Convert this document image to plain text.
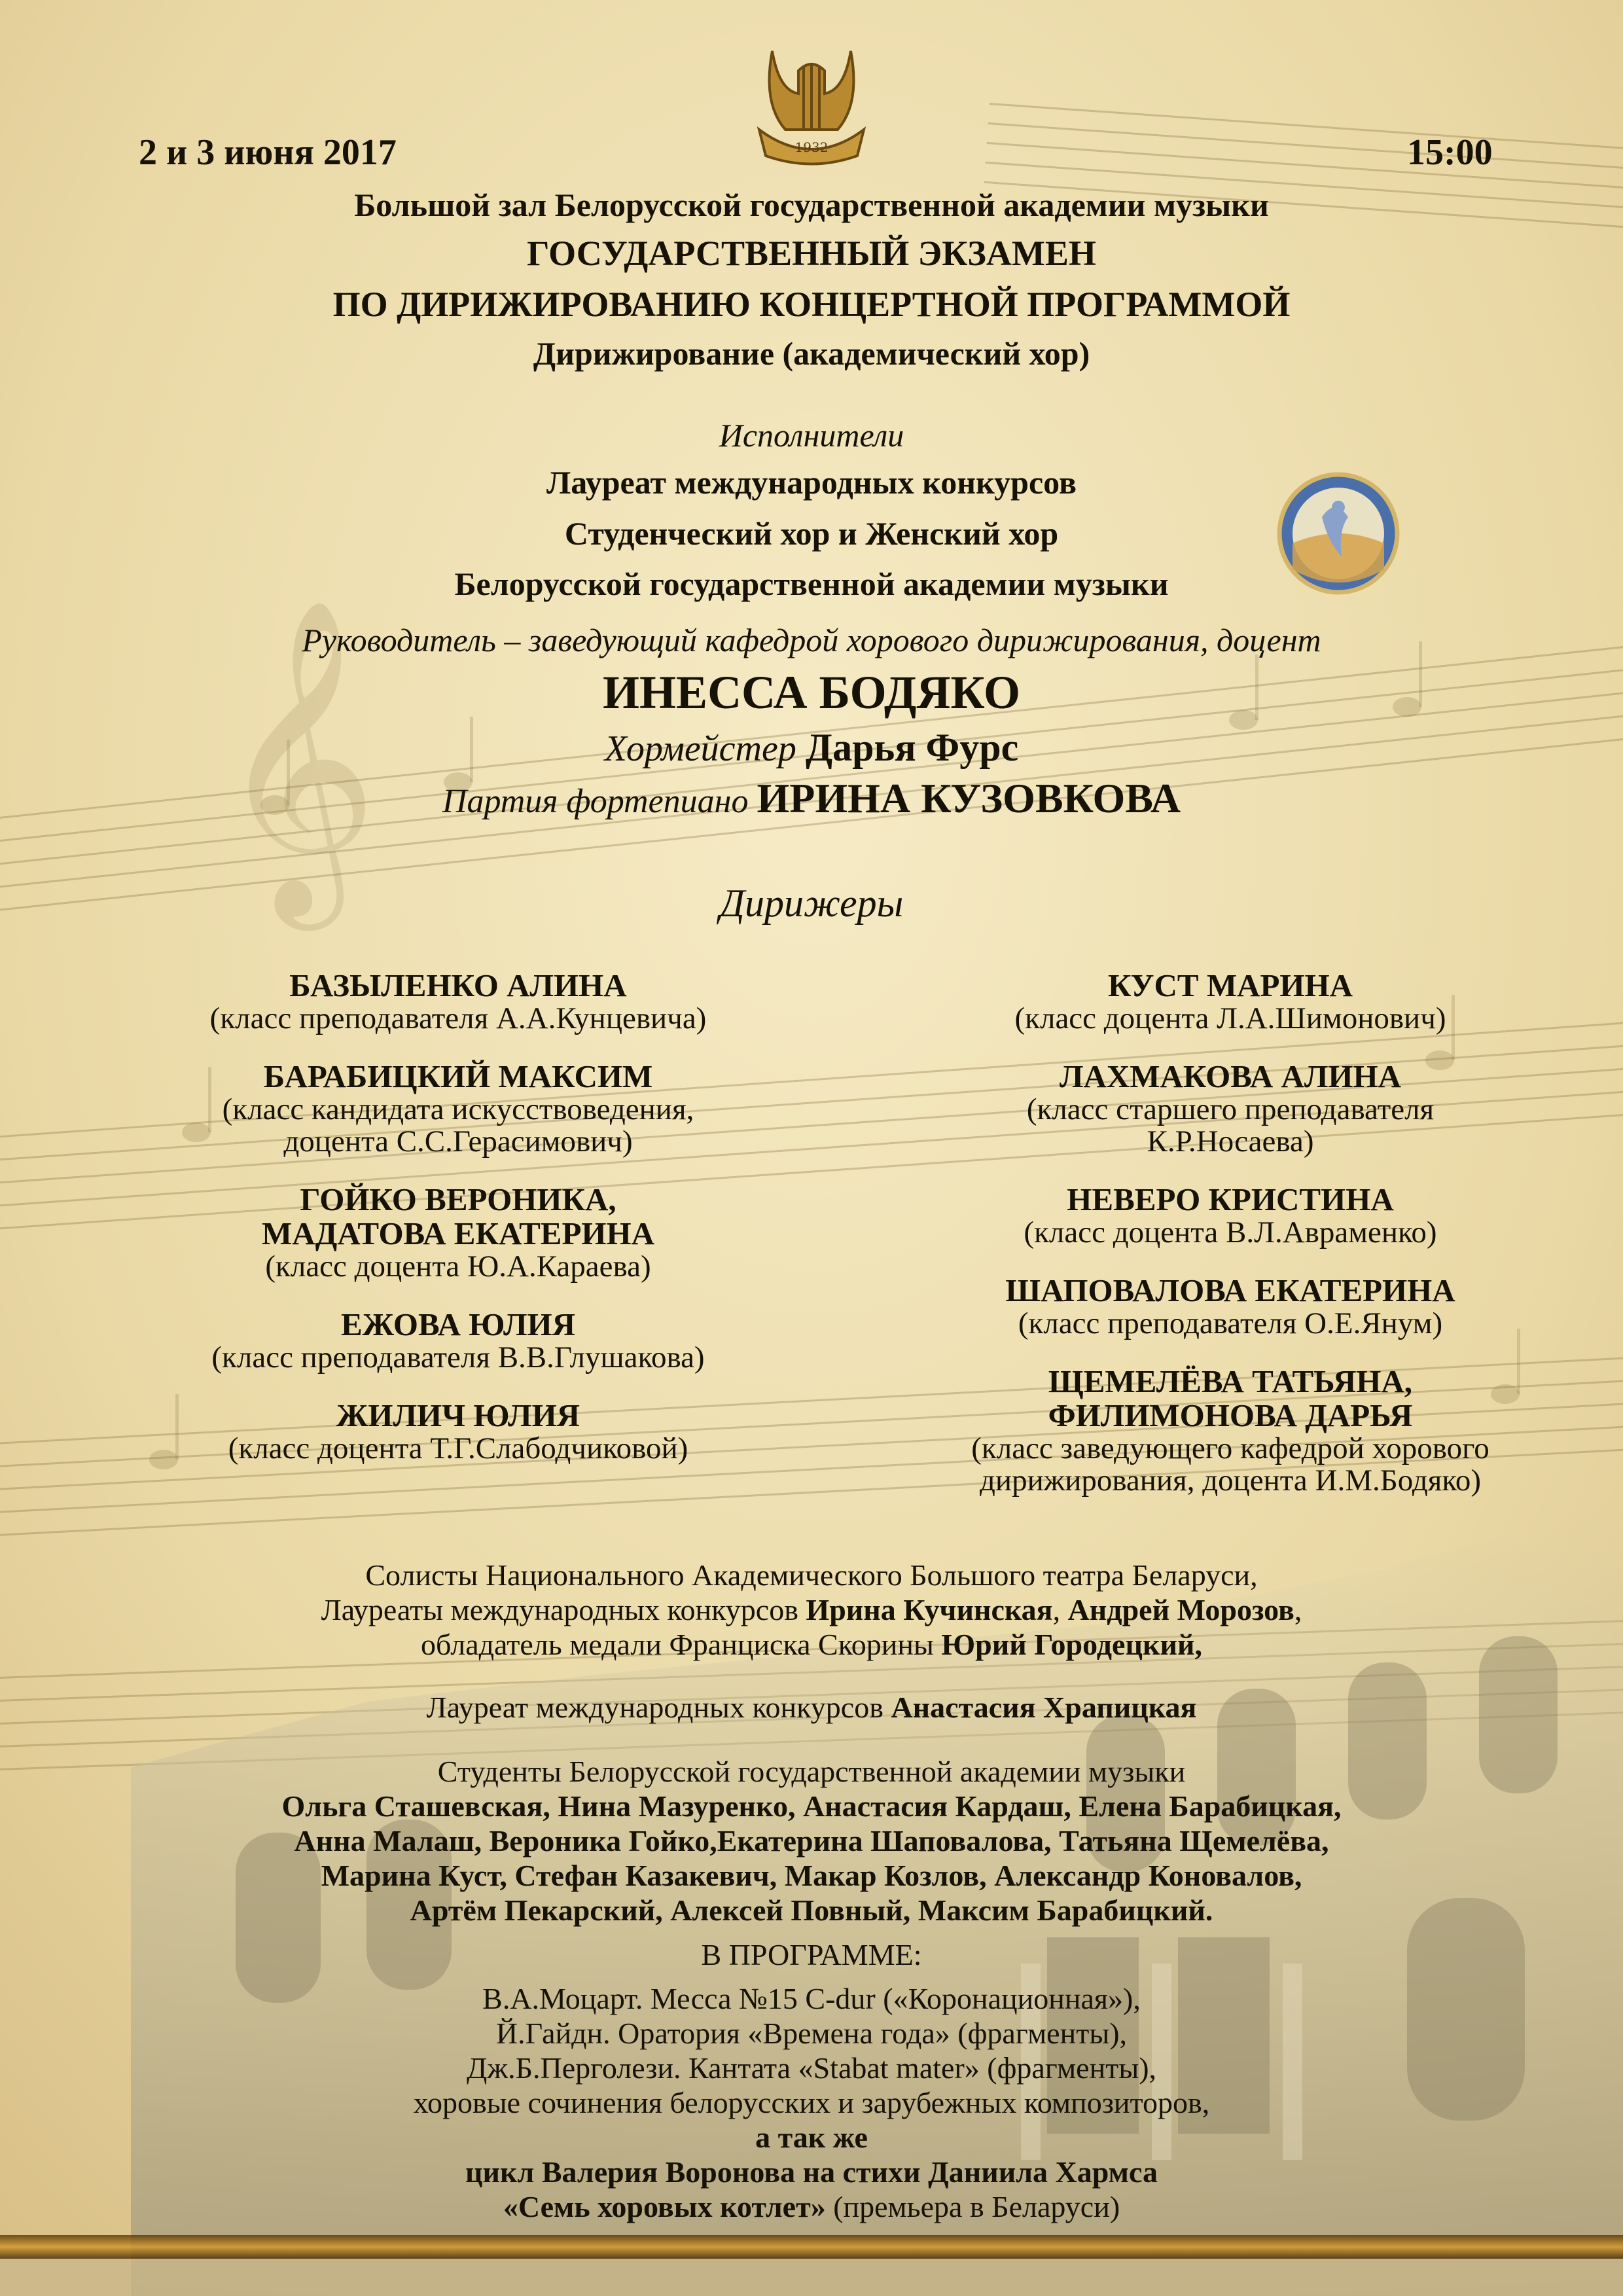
𝄞
1932
2 и 3 июня 2017	15:00
Большой зал Белорусской государственной академии музыки
ГОСУДАРСТВЕННЫЙ ЭКЗАМЕН
ПО ДИРИЖИРОВАНИЮ КОНЦЕРТНОЙ ПРОГРАММОЙ
Дирижирование (академический хор)
Исполнители
Лауреат международных конкурсов
Студенческий хор и Женский хор
Белорусской государственной академии музыки
Руководитель – заведующий кафедрой хорового дирижирования, доцент
ИНЕССА БОДЯКО
Хормейстер Дарья Фурс
Партия фортепиано ИРИНА КУЗОВКОВА
Дирижеры
БАЗЫЛЕНКО АЛИНА
(класс преподавателя А.А.Кунцевича)
БАРАБИЦКИЙ МАКСИМ
(класс кандидата искусствоведения,
доцента С.С.Герасимович)
ГОЙКО ВЕРОНИКА,
МАДАТОВА ЕКАТЕРИНА
(класс доцента Ю.А.Караева)
ЕЖОВА ЮЛИЯ
(класс преподавателя В.В.Глушакова)
ЖИЛИЧ ЮЛИЯ
(класс доцента Т.Г.Слабодчиковой)
КУСТ МАРИНА
(класс доцента Л.А.Шимонович)
ЛАХМАКОВА АЛИНА
(класс старшего преподавателя
К.Р.Носаева)
НЕВЕРО КРИСТИНА
(класс доцента В.Л.Авраменко)
ШАПОВАЛОВА ЕКАТЕРИНА
(класс преподавателя О.Е.Янум)
ЩЕМЕЛЁВА ТАТЬЯНА,
ФИЛИМОНОВА ДАРЬЯ
(класс заведующего кафедрой хорового
дирижирования, доцента И.М.Бодяко)
Солисты Национального Академического Большого театра Беларуси,
Лауреаты международных конкурсов Ирина Кучинская, Андрей Морозов,
обладатель медали Франциска Скорины Юрий Городецкий,
Лауреат международных конкурсов Анастасия Храпицкая
Студенты Белорусской государственной академии музыки
Ольга Сташевская, Нина Мазуренко, Анастасия Кардаш, Елена Барабицкая,
Анна Малаш, Вероника Гойко,Екатерина Шаповалова, Татьяна Щемелёва,
Марина Куст, Стефан Казакевич, Макар Козлов, Александр Коновалов,
Артём Пекарский, Алексей Повный, Максим Барабицкий.
В ПРОГРАММЕ:
В.А.Моцарт. Месса №15 C-dur («Коронационная»),
Й.Гайдн. Оратория «Времена года» (фрагменты),
Дж.Б.Перголези. Кантата «Stabat mater» (фрагменты),
хоровые сочинения белорусских и зарубежных композиторов,
а так же
цикл Валерия Воронова на стихи Даниила Хармса
«Семь хоровых котлет» (премьера в Беларуси)
